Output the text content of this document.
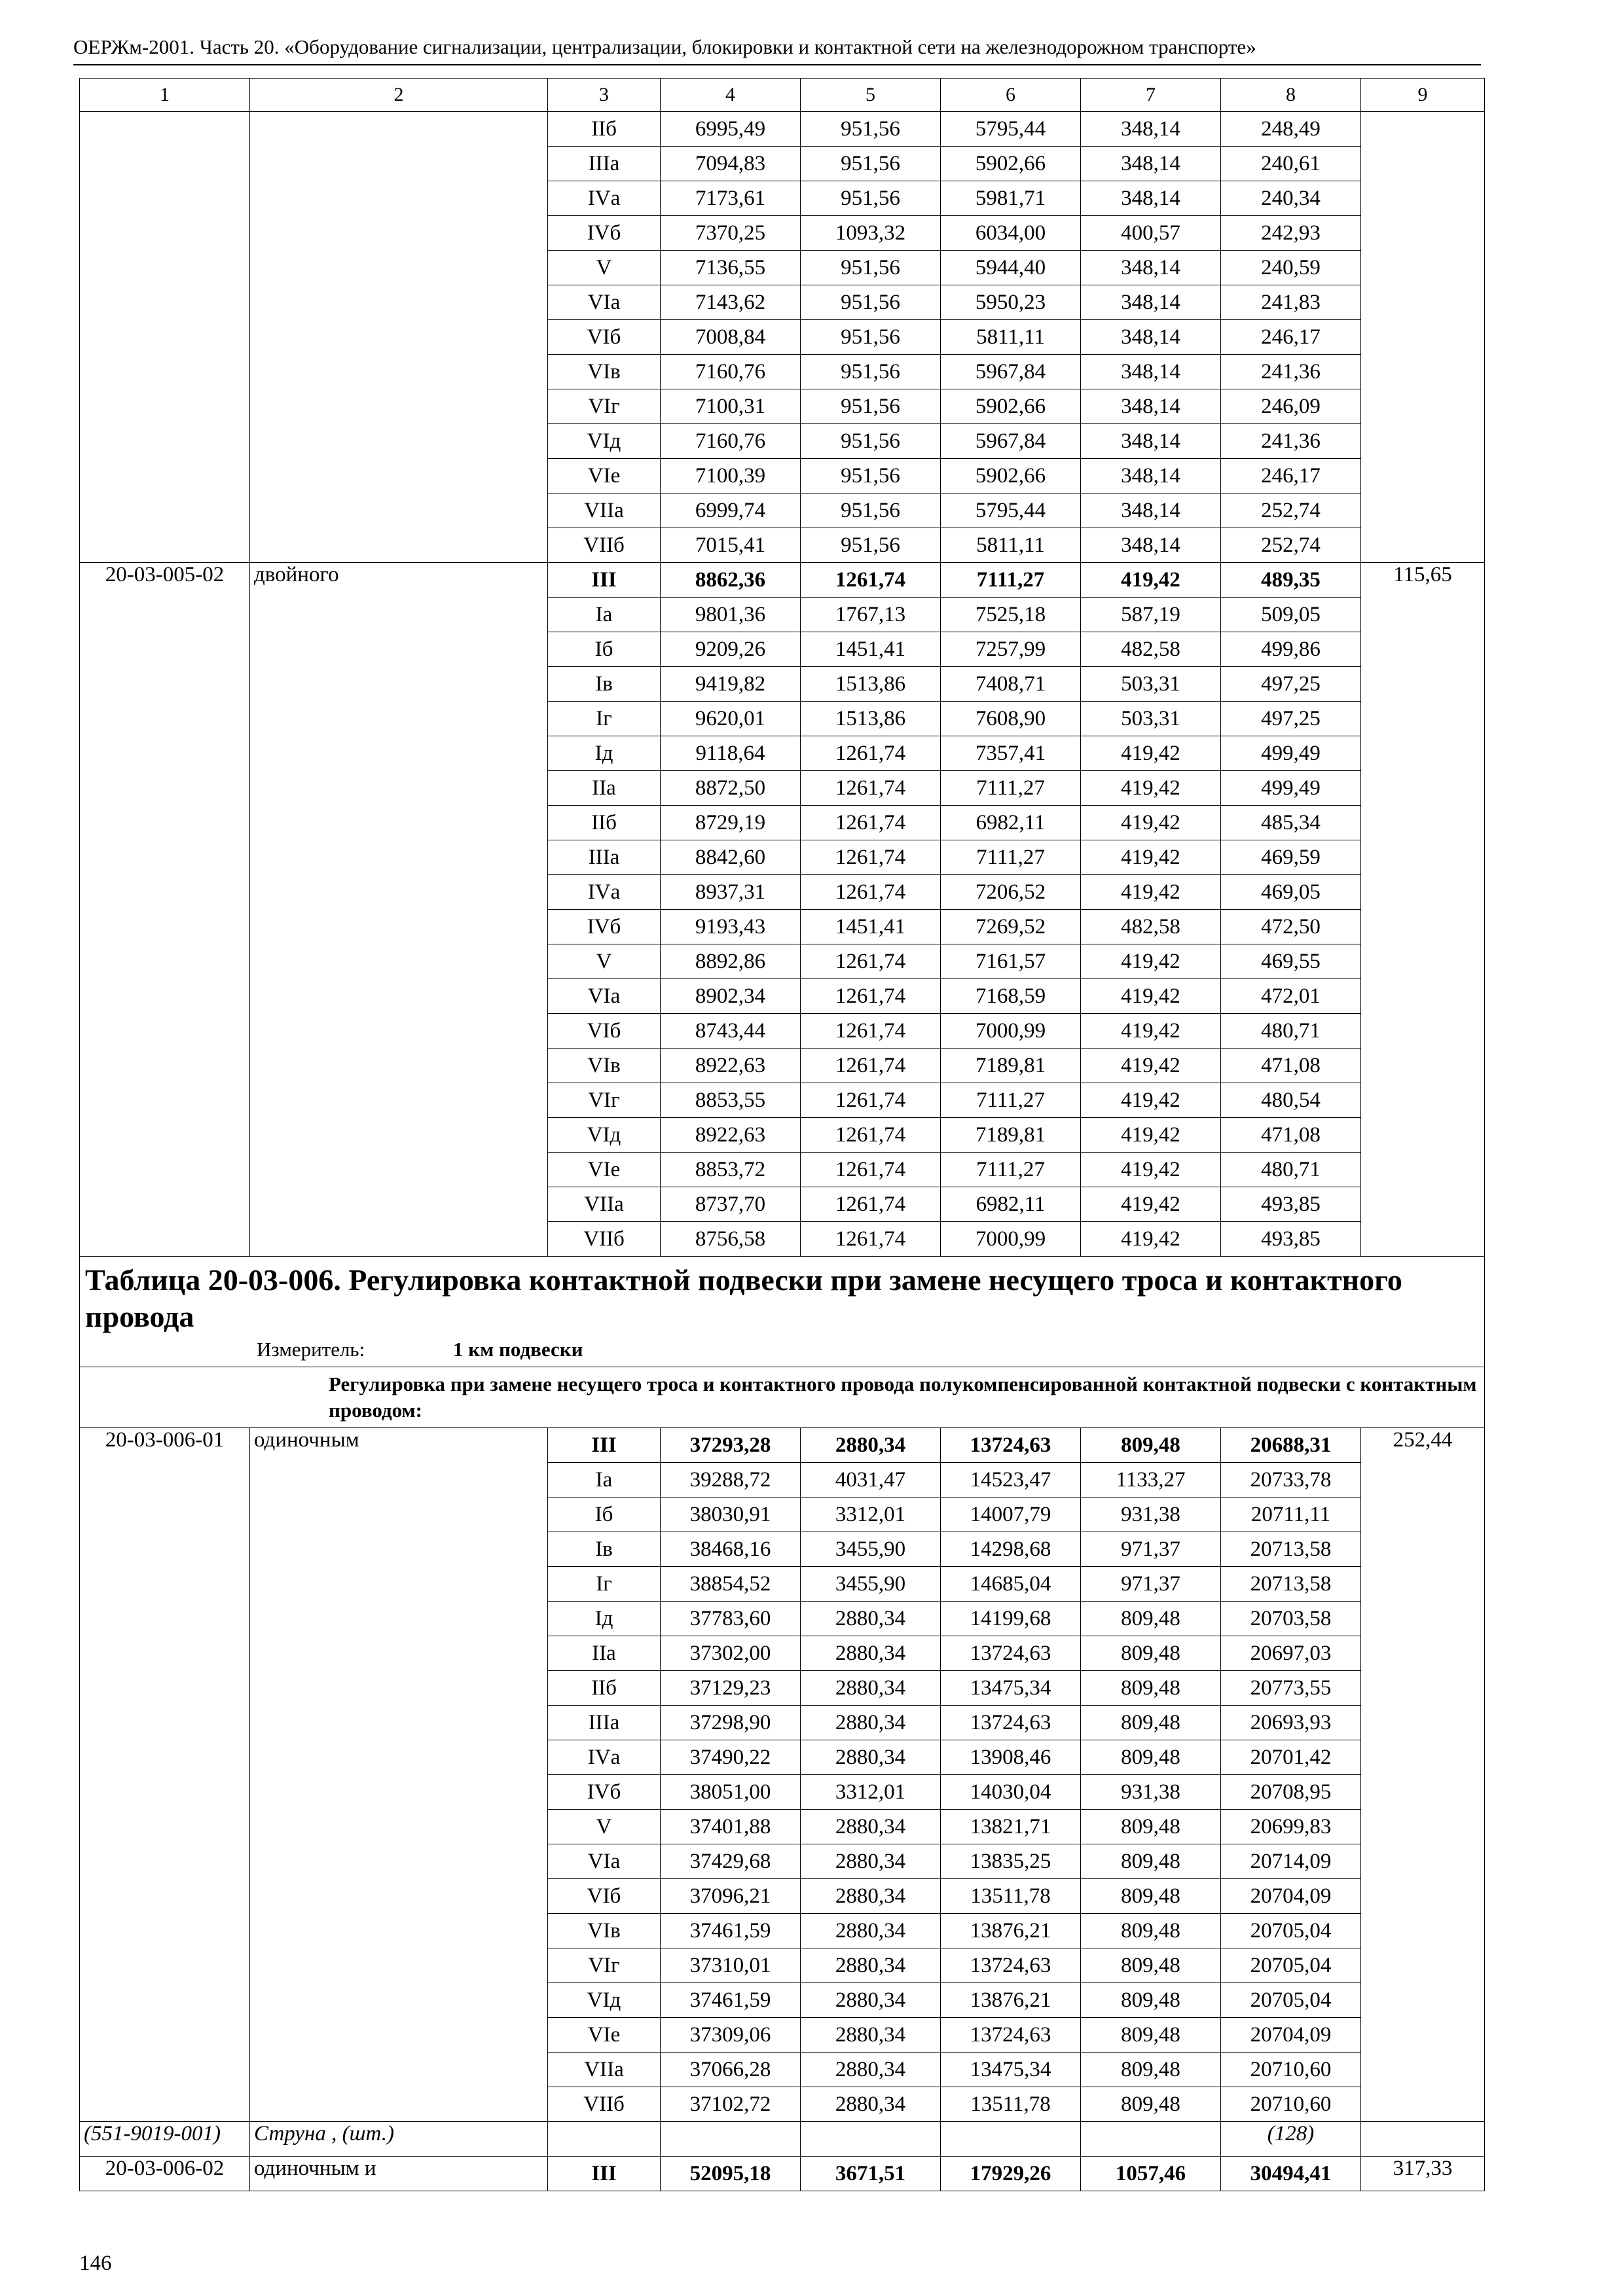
ОЕРЖм-2001. Часть 20. «Оборудование сигнализации, централизации, блокировки и контактной сети на железнодорожном транспорте»
1	2	3	4	5	6	7	8	9
		IIб	6995,49	951,56	5795,44	348,14	248,49	
		IIIа	7094,83	951,56	5902,66	348,14	240,61	
		IVа	7173,61	951,56	5981,71	348,14	240,34	
		IVб	7370,25	1093,32	6034,00	400,57	242,93	
		V	7136,55	951,56	5944,40	348,14	240,59	
		VIа	7143,62	951,56	5950,23	348,14	241,83	
		VIб	7008,84	951,56	5811,11	348,14	246,17	
		VIв	7160,76	951,56	5967,84	348,14	241,36	
		VIг	7100,31	951,56	5902,66	348,14	246,09	
		VIд	7160,76	951,56	5967,84	348,14	241,36	
		VIе	7100,39	951,56	5902,66	348,14	246,17	
		VIIа	6999,74	951,56	5795,44	348,14	252,74	
		VIIб	7015,41	951,56	5811,11	348,14	252,74	
20-03-005-02	двойного	III	8862,36	1261,74	7111,27	419,42	489,35	115,65
		Iа	9801,36	1767,13	7525,18	587,19	509,05	
		Iб	9209,26	1451,41	7257,99	482,58	499,86	
		Iв	9419,82	1513,86	7408,71	503,31	497,25	
		Iг	9620,01	1513,86	7608,90	503,31	497,25	
		Iд	9118,64	1261,74	7357,41	419,42	499,49	
		IIа	8872,50	1261,74	7111,27	419,42	499,49	
		IIб	8729,19	1261,74	6982,11	419,42	485,34	
		IIIа	8842,60	1261,74	7111,27	419,42	469,59	
		IVа	8937,31	1261,74	7206,52	419,42	469,05	
		IVб	9193,43	1451,41	7269,52	482,58	472,50	
		V	8892,86	1261,74	7161,57	419,42	469,55	
		VIа	8902,34	1261,74	7168,59	419,42	472,01	
		VIб	8743,44	1261,74	7000,99	419,42	480,71	
		VIв	8922,63	1261,74	7189,81	419,42	471,08	
		VIг	8853,55	1261,74	7111,27	419,42	480,54	
		VIд	8922,63	1261,74	7189,81	419,42	471,08	
		VIе	8853,72	1261,74	7111,27	419,42	480,71	
		VIIа	8737,70	1261,74	6982,11	419,42	493,85	
		VIIб	8756,58	1261,74	7000,99	419,42	493,85	

Таблица 20-03-006. Регулировка контактной подвески при замене несущего троса и контактного провода
Измеритель: 1 км подвески								

Регулировка при замене несущего троса и контактного провода полукомпенсированной контактной подвески с контактным проводом:								
20-03-006-01	одиночным	III	37293,28	2880,34	13724,63	809,48	20688,31	252,44
		Iа	39288,72	4031,47	14523,47	1133,27	20733,78	
		Iб	38030,91	3312,01	14007,79	931,38	20711,11	
		Iв	38468,16	3455,90	14298,68	971,37	20713,58	
		Iг	38854,52	3455,90	14685,04	971,37	20713,58	
		Iд	37783,60	2880,34	14199,68	809,48	20703,58	
		IIа	37302,00	2880,34	13724,63	809,48	20697,03	
		IIб	37129,23	2880,34	13475,34	809,48	20773,55	
		IIIа	37298,90	2880,34	13724,63	809,48	20693,93	
		IVа	37490,22	2880,34	13908,46	809,48	20701,42	
		IVб	38051,00	3312,01	14030,04	931,38	20708,95	
		V	37401,88	2880,34	13821,71	809,48	20699,83	
		VIа	37429,68	2880,34	13835,25	809,48	20714,09	
		VIб	37096,21	2880,34	13511,78	809,48	20704,09	
		VIв	37461,59	2880,34	13876,21	809,48	20705,04	
		VIг	37310,01	2880,34	13724,63	809,48	20705,04	
		VIд	37461,59	2880,34	13876,21	809,48	20705,04	
		VIе	37309,06	2880,34	13724,63	809,48	20704,09	
		VIIа	37066,28	2880,34	13475,34	809,48	20710,60	
		VIIб	37102,72	2880,34	13511,78	809,48	20710,60	
(551-9019-001)	Струна , (шт.)						(128)	
20-03-006-02	одиночным и	III	52095,18	3671,51	17929,26	1057,46	30494,41	317,33
146
